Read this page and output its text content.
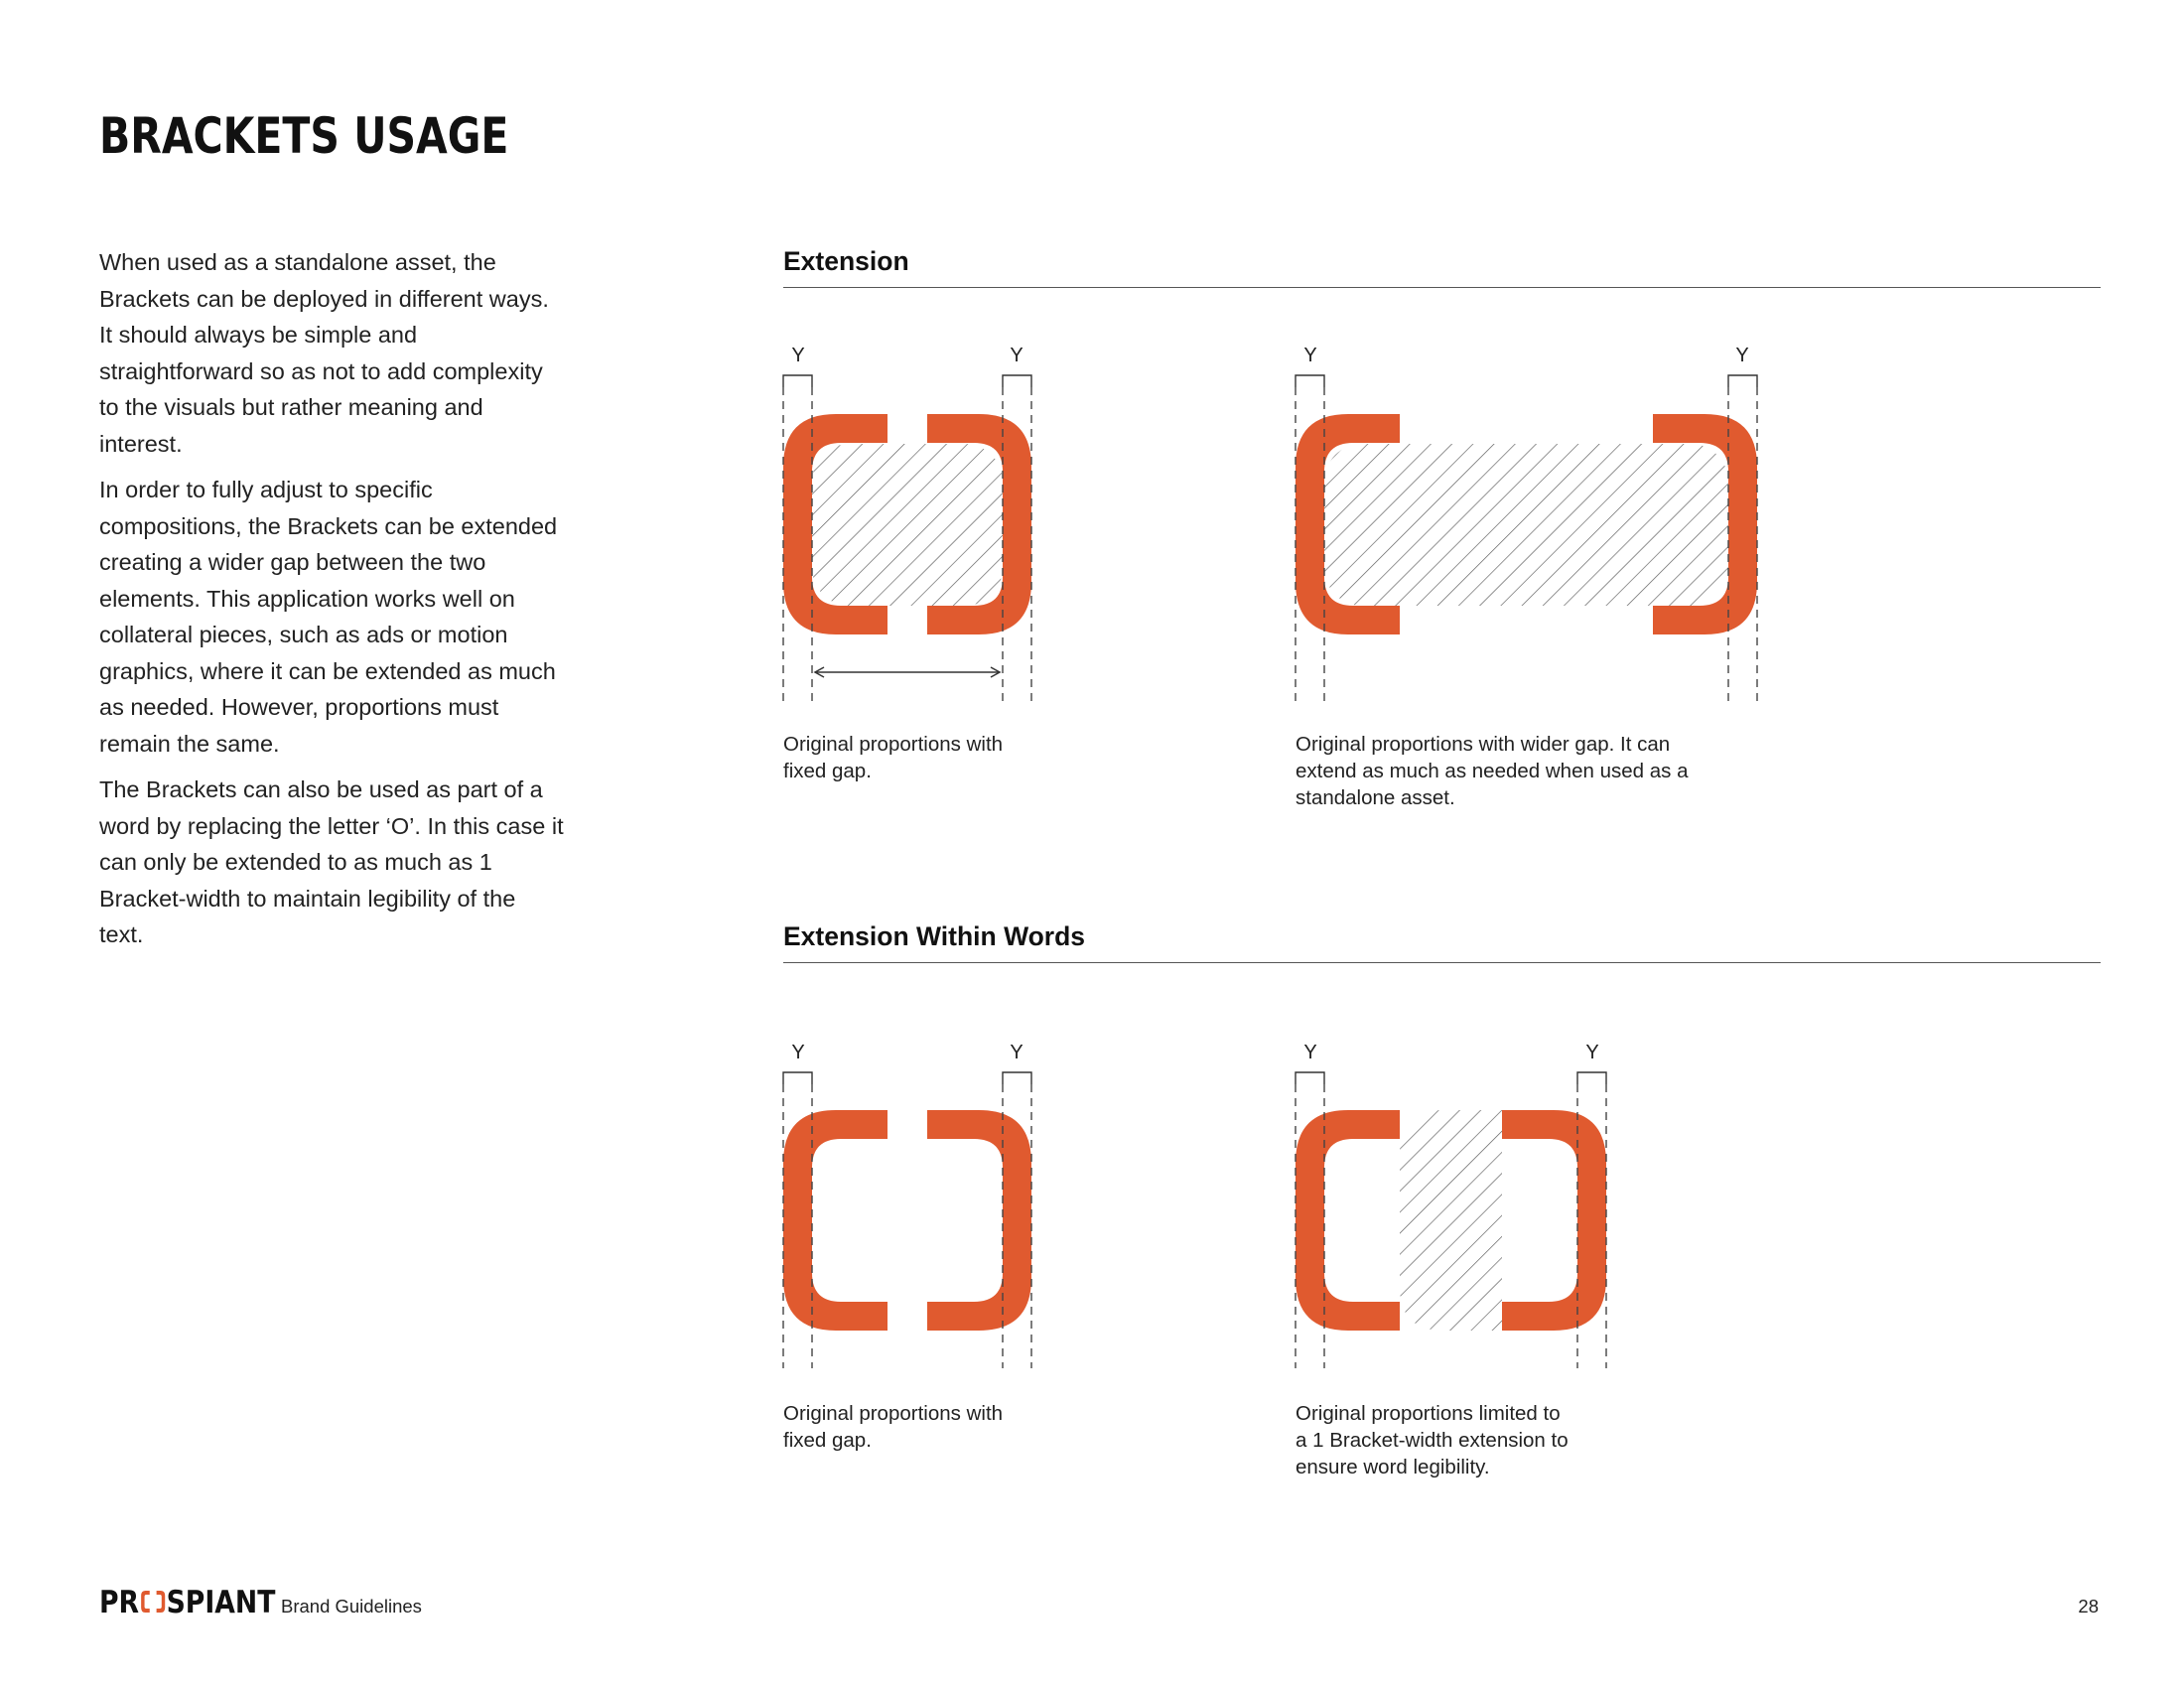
BRACKETS USAGE

When used as a standalone asset, the Brackets can be deployed in different ways. It should always be simple and straightforward so as not to add complexity to the visuals but rather meaning and interest.

In order to fully adjust to specific compositions, the Brackets can be extended creating a wider gap between the two elements. This application works well on collateral pieces, such as ads or motion graphics, where it can be extended as much as needed. However, proportions must remain the same.

The Brackets can also be used as part of a word by replacing the letter ‘O’. In this case it can only be extended to as much as 1 Bracket-width to maintain legibility of the text.

Extension
Extension Within Words
Y	Y	Y	Y
Y	Y	Y	Y
Original proportions with
fixed gap.
Original proportions with wider gap. It can
extend as much as needed when used as a
standalone asset.
Original proportions with
fixed gap.
Original proportions limited to
a 1 Bracket-width extension to
ensure word legibility.
PR SPIANT Brand Guidelines	28
